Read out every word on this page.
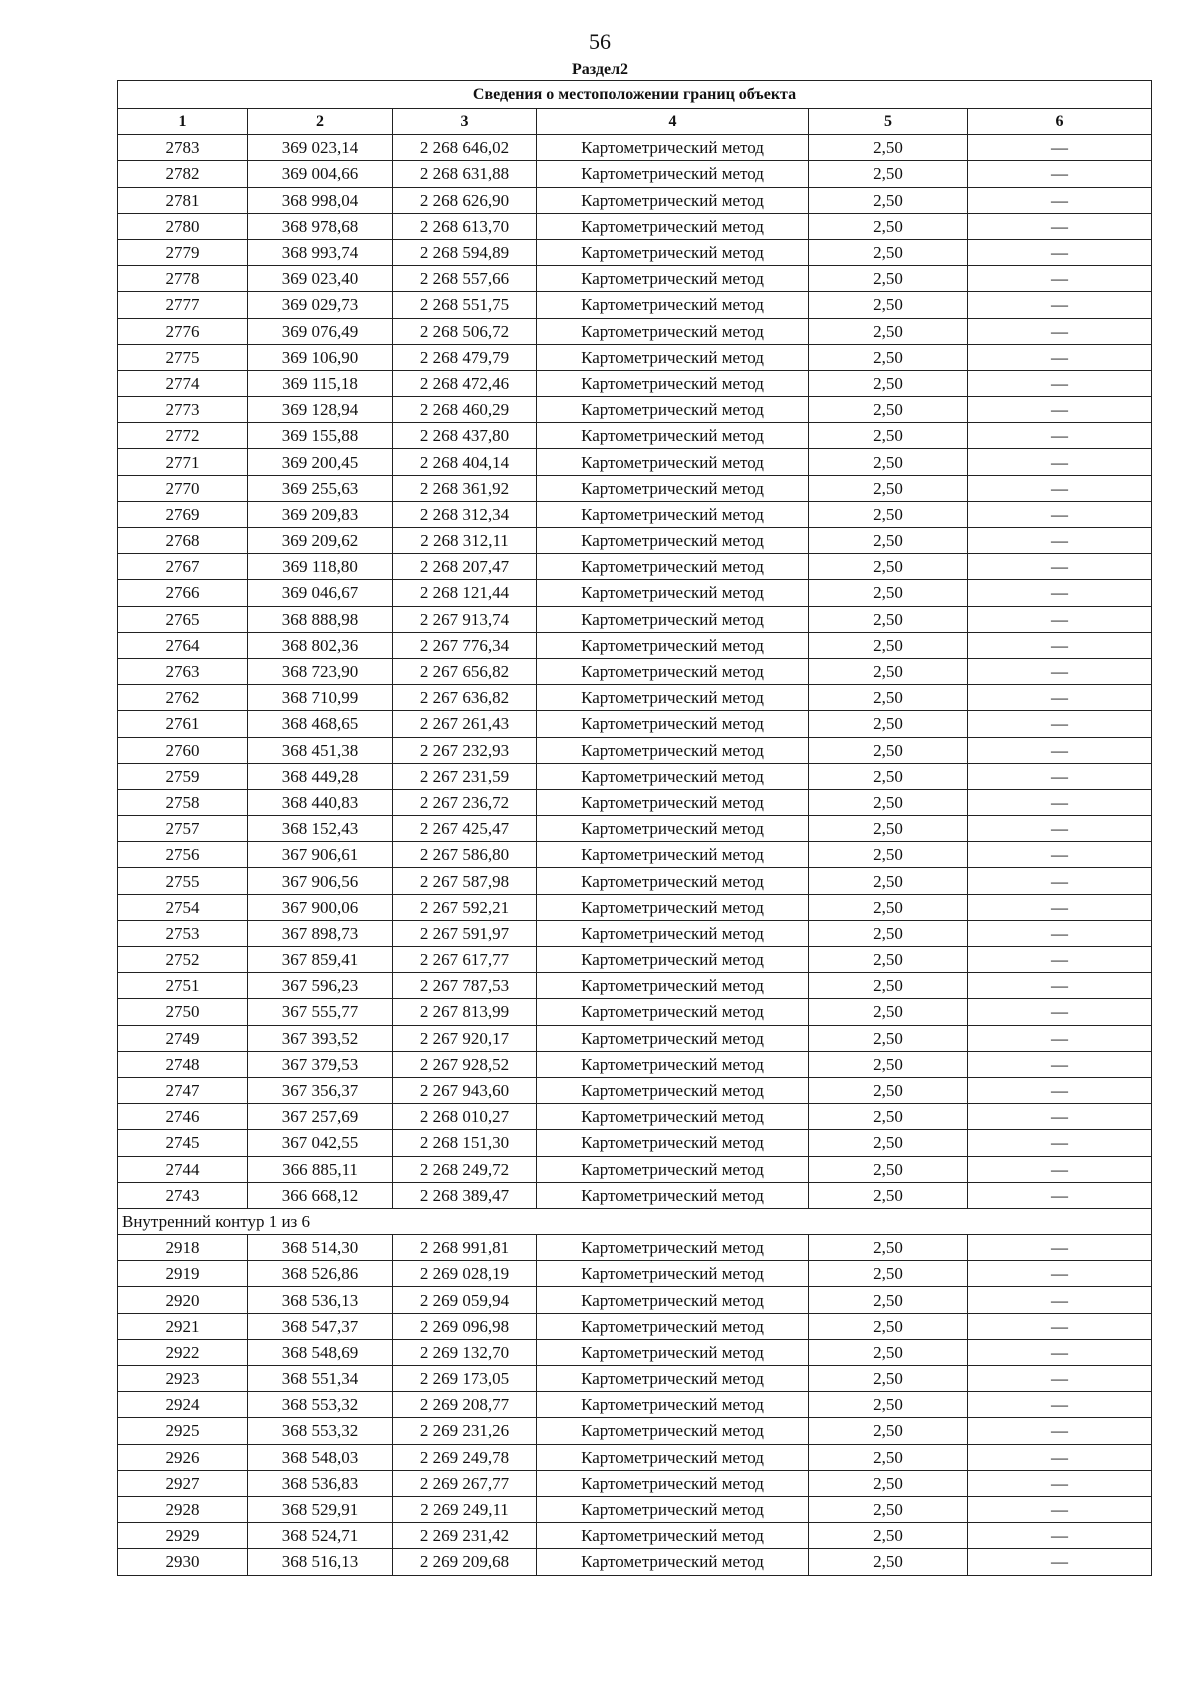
56
Раздел2
Сведения о местоположении границ объекта					
1	2	3	4	5	6
2783	369 023,14	2 268 646,02	Картометрический метод	2,50	—
2782	369 004,66	2 268 631,88	Картометрический метод	2,50	—
2781	368 998,04	2 268 626,90	Картометрический метод	2,50	—
2780	368 978,68	2 268 613,70	Картометрический метод	2,50	—
2779	368 993,74	2 268 594,89	Картометрический метод	2,50	—
2778	369 023,40	2 268 557,66	Картометрический метод	2,50	—
2777	369 029,73	2 268 551,75	Картометрический метод	2,50	—
2776	369 076,49	2 268 506,72	Картометрический метод	2,50	—
2775	369 106,90	2 268 479,79	Картометрический метод	2,50	—
2774	369 115,18	2 268 472,46	Картометрический метод	2,50	—
2773	369 128,94	2 268 460,29	Картометрический метод	2,50	—
2772	369 155,88	2 268 437,80	Картометрический метод	2,50	—
2771	369 200,45	2 268 404,14	Картометрический метод	2,50	—
2770	369 255,63	2 268 361,92	Картометрический метод	2,50	—
2769	369 209,83	2 268 312,34	Картометрический метод	2,50	—
2768	369 209,62	2 268 312,11	Картометрический метод	2,50	—
2767	369 118,80	2 268 207,47	Картометрический метод	2,50	—
2766	369 046,67	2 268 121,44	Картометрический метод	2,50	—
2765	368 888,98	2 267 913,74	Картометрический метод	2,50	—
2764	368 802,36	2 267 776,34	Картометрический метод	2,50	—
2763	368 723,90	2 267 656,82	Картометрический метод	2,50	—
2762	368 710,99	2 267 636,82	Картометрический метод	2,50	—
2761	368 468,65	2 267 261,43	Картометрический метод	2,50	—
2760	368 451,38	2 267 232,93	Картометрический метод	2,50	—
2759	368 449,28	2 267 231,59	Картометрический метод	2,50	—
2758	368 440,83	2 267 236,72	Картометрический метод	2,50	—
2757	368 152,43	2 267 425,47	Картометрический метод	2,50	—
2756	367 906,61	2 267 586,80	Картометрический метод	2,50	—
2755	367 906,56	2 267 587,98	Картометрический метод	2,50	—
2754	367 900,06	2 267 592,21	Картометрический метод	2,50	—
2753	367 898,73	2 267 591,97	Картометрический метод	2,50	—
2752	367 859,41	2 267 617,77	Картометрический метод	2,50	—
2751	367 596,23	2 267 787,53	Картометрический метод	2,50	—
2750	367 555,77	2 267 813,99	Картометрический метод	2,50	—
2749	367 393,52	2 267 920,17	Картометрический метод	2,50	—
2748	367 379,53	2 267 928,52	Картометрический метод	2,50	—
2747	367 356,37	2 267 943,60	Картометрический метод	2,50	—
2746	367 257,69	2 268 010,27	Картометрический метод	2,50	—
2745	367 042,55	2 268 151,30	Картометрический метод	2,50	—
2744	366 885,11	2 268 249,72	Картометрический метод	2,50	—
2743	366 668,12	2 268 389,47	Картометрический метод	2,50	—
Внутренний контур 1 из 6					
2918	368 514,30	2 268 991,81	Картометрический метод	2,50	—
2919	368 526,86	2 269 028,19	Картометрический метод	2,50	—
2920	368 536,13	2 269 059,94	Картометрический метод	2,50	—
2921	368 547,37	2 269 096,98	Картометрический метод	2,50	—
2922	368 548,69	2 269 132,70	Картометрический метод	2,50	—
2923	368 551,34	2 269 173,05	Картометрический метод	2,50	—
2924	368 553,32	2 269 208,77	Картометрический метод	2,50	—
2925	368 553,32	2 269 231,26	Картометрический метод	2,50	—
2926	368 548,03	2 269 249,78	Картометрический метод	2,50	—
2927	368 536,83	2 269 267,77	Картометрический метод	2,50	—
2928	368 529,91	2 269 249,11	Картометрический метод	2,50	—
2929	368 524,71	2 269 231,42	Картометрический метод	2,50	—
2930	368 516,13	2 269 209,68	Картометрический метод	2,50	—
